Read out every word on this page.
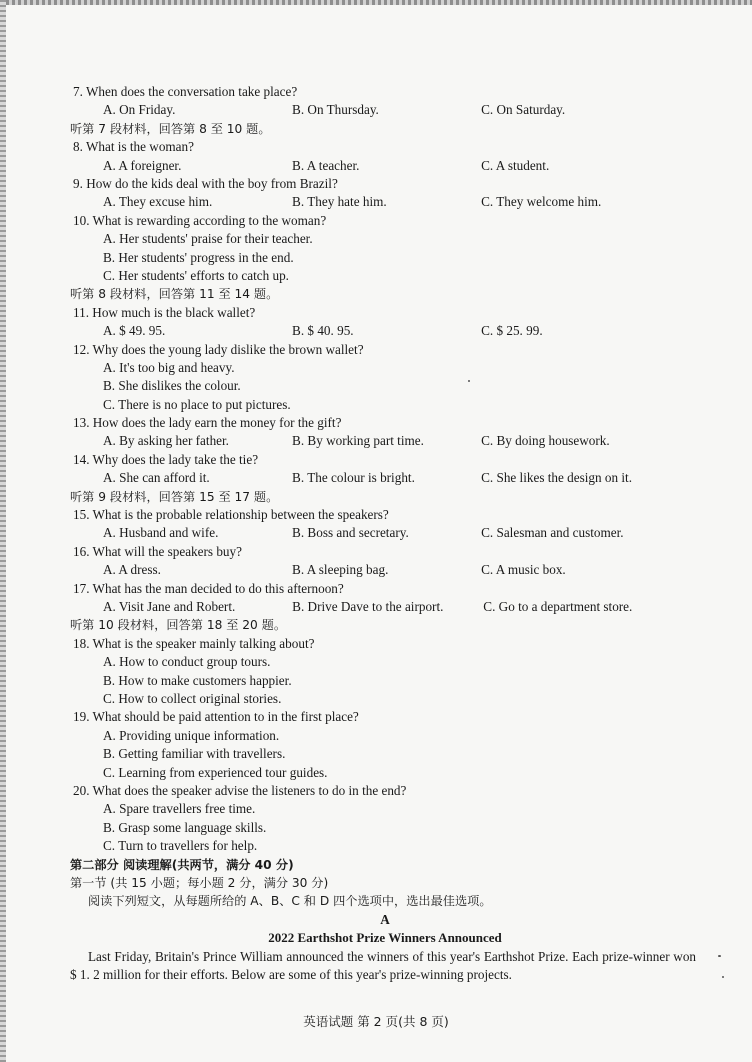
7. When does the conversation take place?
A. On Friday.	B. On Thursday.	C. On Saturday.
听第 7 段材料，回答第 8 至 10 题。
8. What is the woman?
A. A foreigner.	B. A teacher.	C. A student.
9. How do the kids deal with the boy from Brazil?
A. They excuse him.	B. They hate him.	C. They welcome him.
10. What is rewarding according to the woman?
A. Her students' praise for their teacher.
B. Her students' progress in the end.
C. Her students' efforts to catch up.
听第 8 段材料，回答第 11 至 14 题。
11. How much is the black wallet?
A. $ 49. 95.	B. $ 40. 95.	C. $ 25. 99.
12. Why does the young lady dislike the brown wallet?
A. It's too big and heavy.
B. She dislikes the colour.
C. There is no place to put pictures.
13. How does the lady earn the money for the gift?
A. By asking her father.	B. By working part time.	C. By doing housework.
14. Why does the lady take the tie?
A. She can afford it.	B. The colour is bright.	C. She likes the design on it.
听第 9 段材料，回答第 15 至 17 题。
15. What is the probable relationship between the speakers?
A. Husband and wife.	B. Boss and secretary.	C. Salesman and customer.
16. What will the speakers buy?
A. A dress.	B. A sleeping bag.	C. A music box.
17. What has the man decided to do this afternoon?
A. Visit Jane and Robert.	B. Drive Dave to the airport.	C. Go to a department store.
听第 10 段材料，回答第 18 至 20 题。
18. What is the speaker mainly talking about?
A. How to conduct group tours.
B. How to make customers happier.
C. How to collect original stories.
19. What should be paid attention to in the first place?
A. Providing unique information.
B. Getting familiar with travellers.
C. Learning from experienced tour guides.
20. What does the speaker advise the listeners to do in the end?
A. Spare travellers free time.
B. Grasp some language skills.
C. Turn to travellers for help.
第二部分 阅读理解(共两节，满分 40 分)
第一节 (共 15 小题；每小题 2 分，满分 30 分)
阅读下列短文，从每题所给的 A、B、C 和 D 四个选项中，选出最佳选项。
A
2022 Earthshot Prize Winners Announced
Last Friday, Britain's Prince William announced the winners of this year's Earthshot Prize. Each prize-winner won $ 1. 2 million for their efforts. Below are some of this year's prize-winning projects.
英语试题 第 2 页(共 8 页)
